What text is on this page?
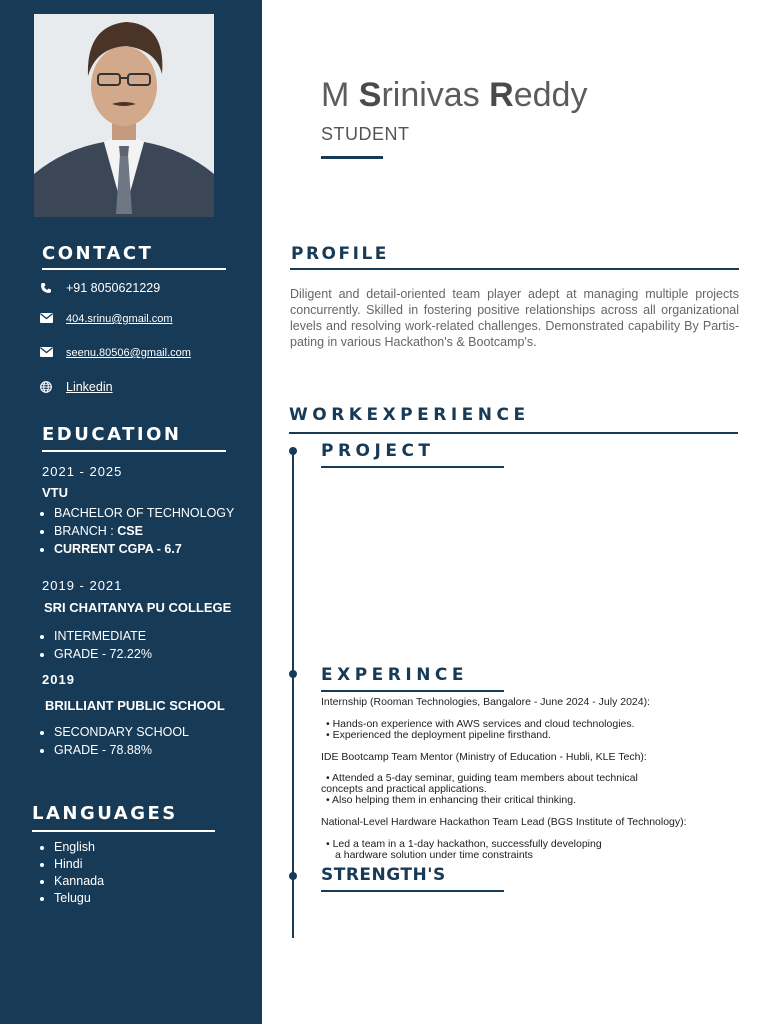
CONTACT
+91 8050621229
404.srinu@gmail.com
seenu.80506@gmail.com
Linkedin
EDUCATION
2021 - 2025
VTU
• BACHELOR OF TECHNOLOGY
• BRANCH : CSE
• CURRENT CGPA - 6.7
2019 - 2021
SRI CHAITANYA PU COLLEGE
• INTERMEDIATE
• GRADE - 72.22%
2019
BRILLIANT PUBLIC SCHOOL
• SECONDARY SCHOOL
• GRADE - 78.88%
LANGUAGES
• English
• Hindi
• Kannada
• Telugu
M Srinivas Reddy
STUDENT
PROFILE
Diligent and detail-oriented team player adept at managing multiple projects concurrently. Skilled in fostering positive relationships across all organizational levels and resolving work-related challenges. Demonstrated capability By Partis-pating in various Hackathon's & Bootcamp's.
WORKEXPERIENCE
PROJECT
EXPERINCE
Internship (Rooman Technologies, Bangalore - June 2024 - July 2024):
• Hands-on experience with AWS services and cloud technologies.
• Experienced the deployment pipeline firsthand.
IDE Bootcamp Team Mentor (Ministry of Education - Hubli, KLE Tech):
• Attended a 5-day seminar, guiding team members about technical
concepts and practical applications.
• Also helping them in enhancing their critical thinking.
National-Level Hardware Hackathon Team Lead (BGS Institute of Technology):
• Led a team in a 1-day hackathon, successfully developing
a hardware solution under time constraints
STRENGTH'S
